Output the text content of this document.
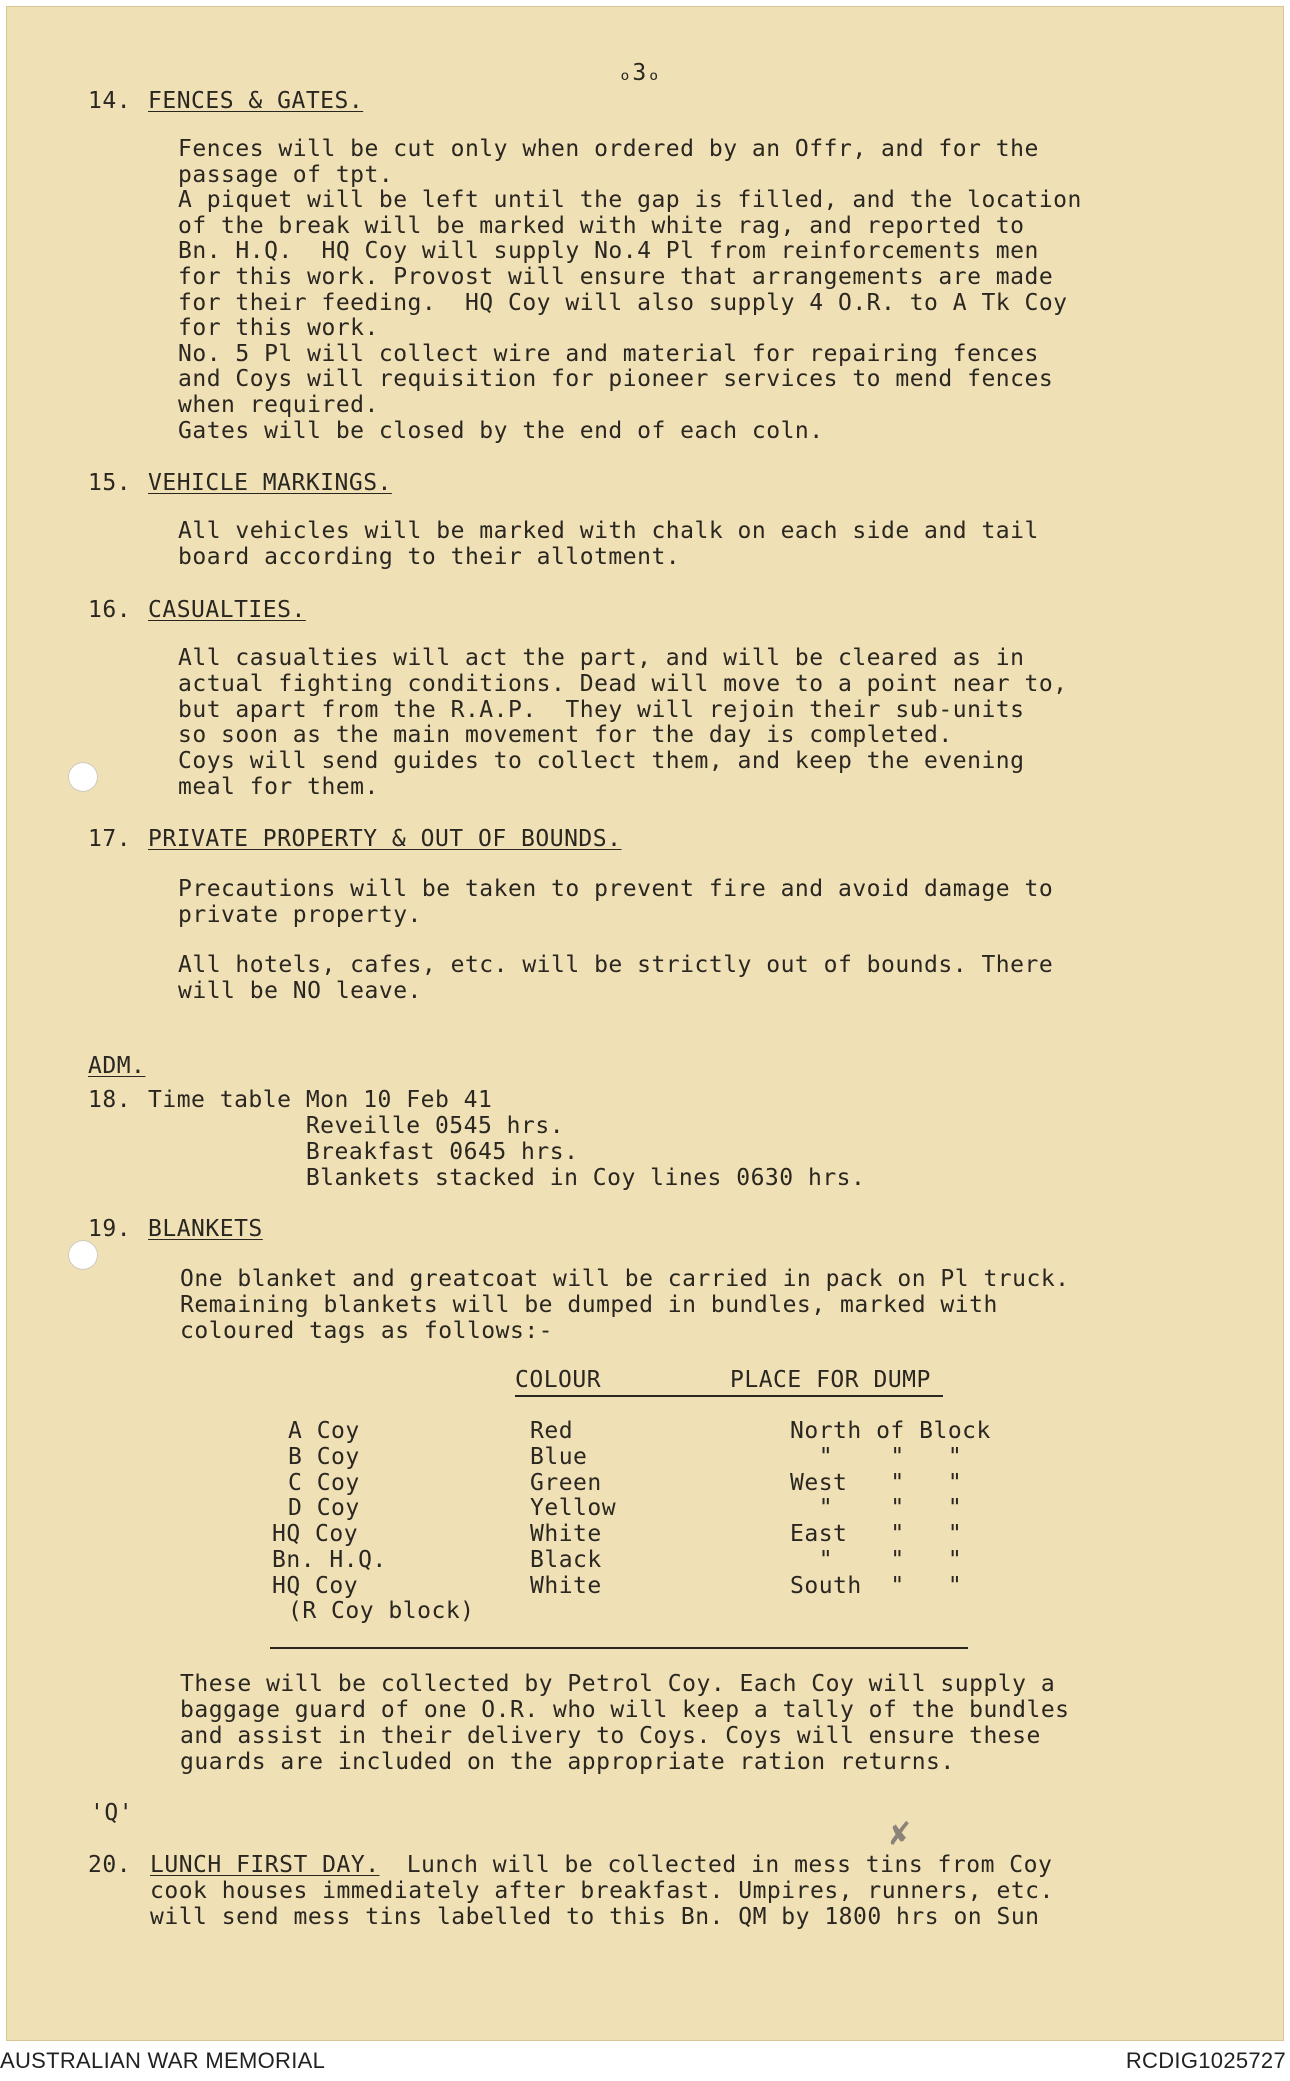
ₒ3ₒ
14. FENCES & GATES.
Fences will be cut only when ordered by an Offr, and for the
passage of tpt.
A piquet will be left until the gap is filled, and the location
of the break will be marked with white rag, and reported to
Bn. H.Q.  HQ Coy will supply No.4 Pl from reinforcements men
for this work. Provost will ensure that arrangements are made
for their feeding.  HQ Coy will also supply 4 O.R. to A Tk Coy
for this work.
No. 5 Pl will collect wire and material for repairing fences
and Coys will requisition for pioneer services to mend fences
when required.
Gates will be closed by the end of each coln.
15. VEHICLE MARKINGS.
All vehicles will be marked with chalk on each side and tail
board according to their allotment.
16. CASUALTIES.
All casualties will act the part, and will be cleared as in
actual fighting conditions. Dead will move to a point near to,
but apart from the R.A.P.  They will rejoin their sub-units
so soon as the main movement for the day is completed.
Coys will send guides to collect them, and keep the evening
meal for them.
17. PRIVATE PROPERTY & OUT OF BOUNDS.
Precautions will be taken to prevent fire and avoid damage to
private property.
All hotels, cafes, etc. will be strictly out of bounds. There
will be NO leave.
ADM.
18. Time table Mon 10 Feb 41
Reveille 0545 hrs.
Breakfast 0645 hrs.
Blankets stacked in Coy lines 0630 hrs.
19. BLANKETS
One blanket and greatcoat will be carried in pack on Pl truck.
Remaining blankets will be dumped in bundles, marked with
coloured tags as follows:-
COLOUR	PLACE FOR DUMP
A Coy	Red	North of Block
B Coy	Blue	"    "   "
C Coy	Green	West   "   "
D Coy	Yellow	"    "   "
HQ Coy	White	East   "   "
Bn. H.Q.	Black	"    "   "
HQ Coy	White	South  "   "
(R Coy block)
These will be collected by Petrol Coy. Each Coy will supply a
baggage guard of one O.R. who will keep a tally of the bundles
and assist in their delivery to Coys. Coys will ensure these
guards are included on the appropriate ration returns.
'Q'
20. LUNCH FIRST DAY.
Lunch will be collected in mess tins from Coy
cook houses immediately after breakfast. Umpires, runners, etc.
will send mess tins labelled to this Bn. QM by 1800 hrs on Sun
✘
AUSTRALIAN WAR MEMORIAL	RCDIG1025727
